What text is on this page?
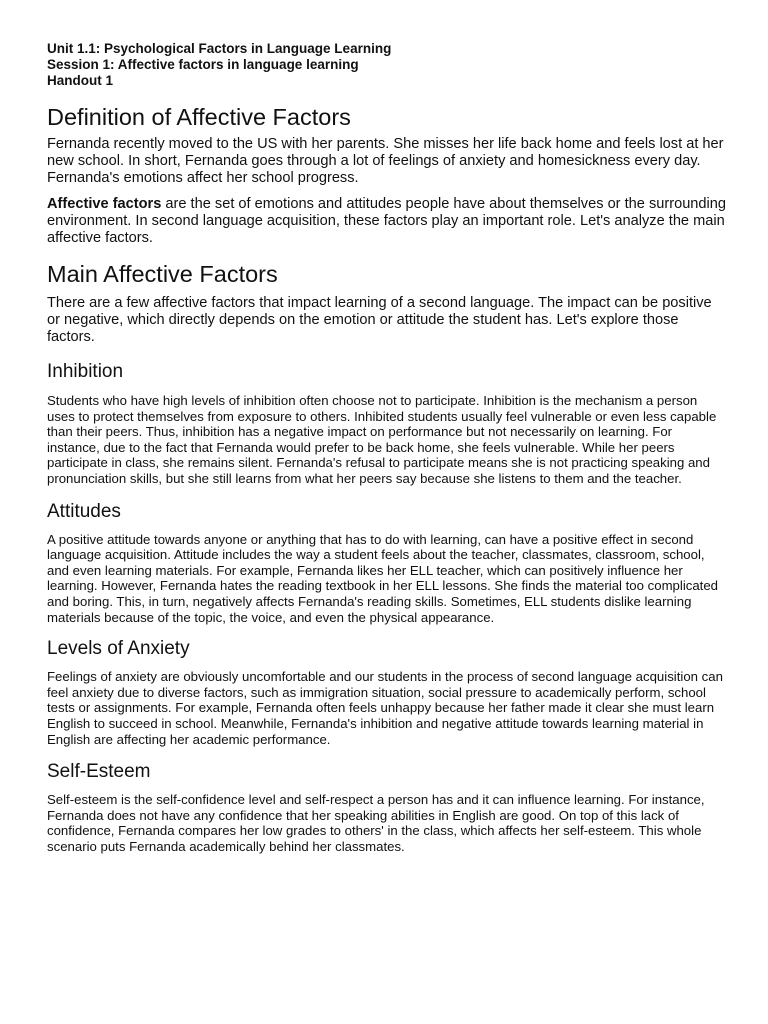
Unit 1.1: Psychological Factors in Language Learning

Session 1: Affective factors in language learning

Handout 1

Definition of Affective Factors

Fernanda recently moved to the US with her parents. She misses her life back home and feels lost at her new school. In short, Fernanda goes through a lot of feelings of anxiety and homesickness every day. Fernanda's emotions affect her school progress.

Affective factors are the set of emotions and attitudes people have about themselves or the surrounding environment. In second language acquisition, these factors play an important role. Let's analyze the main affective factors.

Main Affective Factors

There are a few affective factors that impact learning of a second language. The impact can be positive or negative, which directly depends on the emotion or attitude the student has. Let's explore those factors.

Inhibition

Students who have high levels of inhibition often choose not to participate. Inhibition is the mechanism a person uses to protect themselves from exposure to others. Inhibited students usually feel vulnerable or even less capable than their peers. Thus, inhibition has a negative impact on performance but not necessarily on learning. For instance, due to the fact that Fernanda would prefer to be back home, she feels vulnerable. While her peers participate in class, she remains silent. Fernanda's refusal to participate means she is not practicing speaking and pronunciation skills, but she still learns from what her peers say because she listens to them and the teacher.

Attitudes

A positive attitude towards anyone or anything that has to do with learning, can have a positive effect in second language acquisition. Attitude includes the way a student feels about the teacher, classmates, classroom, school, and even learning materials. For example, Fernanda likes her ELL teacher, which can positively influence her learning. However, Fernanda hates the reading textbook in her ELL lessons. She finds the material too complicated and boring. This, in turn, negatively affects Fernanda's reading skills. Sometimes, ELL students dislike learning materials because of the topic, the voice, and even the physical appearance.

Levels of Anxiety

Feelings of anxiety are obviously uncomfortable and our students in the process of second language acquisition can feel anxiety due to diverse factors, such as immigration situation, social pressure to academically perform, school tests or assignments. For example, Fernanda often feels unhappy because her father made it clear she must learn English to succeed in school. Meanwhile, Fernanda's inhibition and negative attitude towards learning material in English are affecting her academic performance.

Self-Esteem

Self-esteem is the self-confidence level and self-respect a person has and it can influence learning. For instance, Fernanda does not have any confidence that her speaking abilities in English are good. On top of this lack of confidence, Fernanda compares her low grades to others' in the class, which affects her self-esteem. This whole scenario puts Fernanda academically behind her classmates.
